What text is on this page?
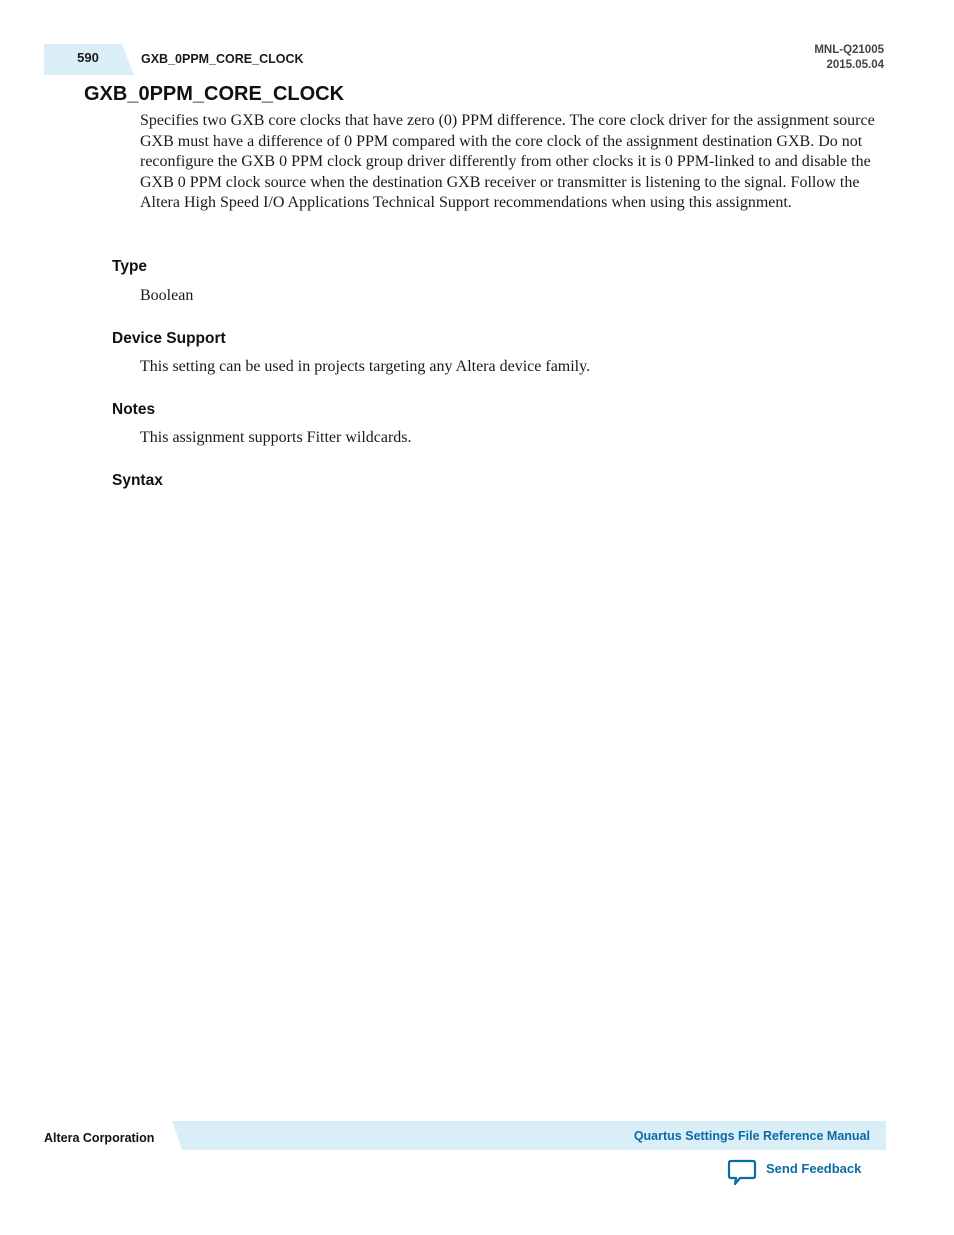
590	GXB_0PPM_CORE_CLOCK
MNL-Q21005
2015.05.04
GXB_0PPM_CORE_CLOCK
Specifies two GXB core clocks that have zero (0) PPM difference. The core clock driver for the assignment source GXB must have a difference of 0 PPM compared with the core clock of the assignment destination GXB. Do not reconfigure the GXB 0 PPM clock group driver differently from other clocks it is 0 PPM-linked to and disable the GXB 0 PPM clock source when the destination GXB receiver or transmitter is listening to the signal. Follow the Altera High Speed I/O Applications Technical Support recommendations when using this assignment.
Type
Boolean
Device Support
This setting can be used in projects targeting any Altera device family.
Notes
This assignment supports Fitter wildcards.
Syntax
Altera Corporation	Quartus Settings File Reference Manual
Send Feedback
